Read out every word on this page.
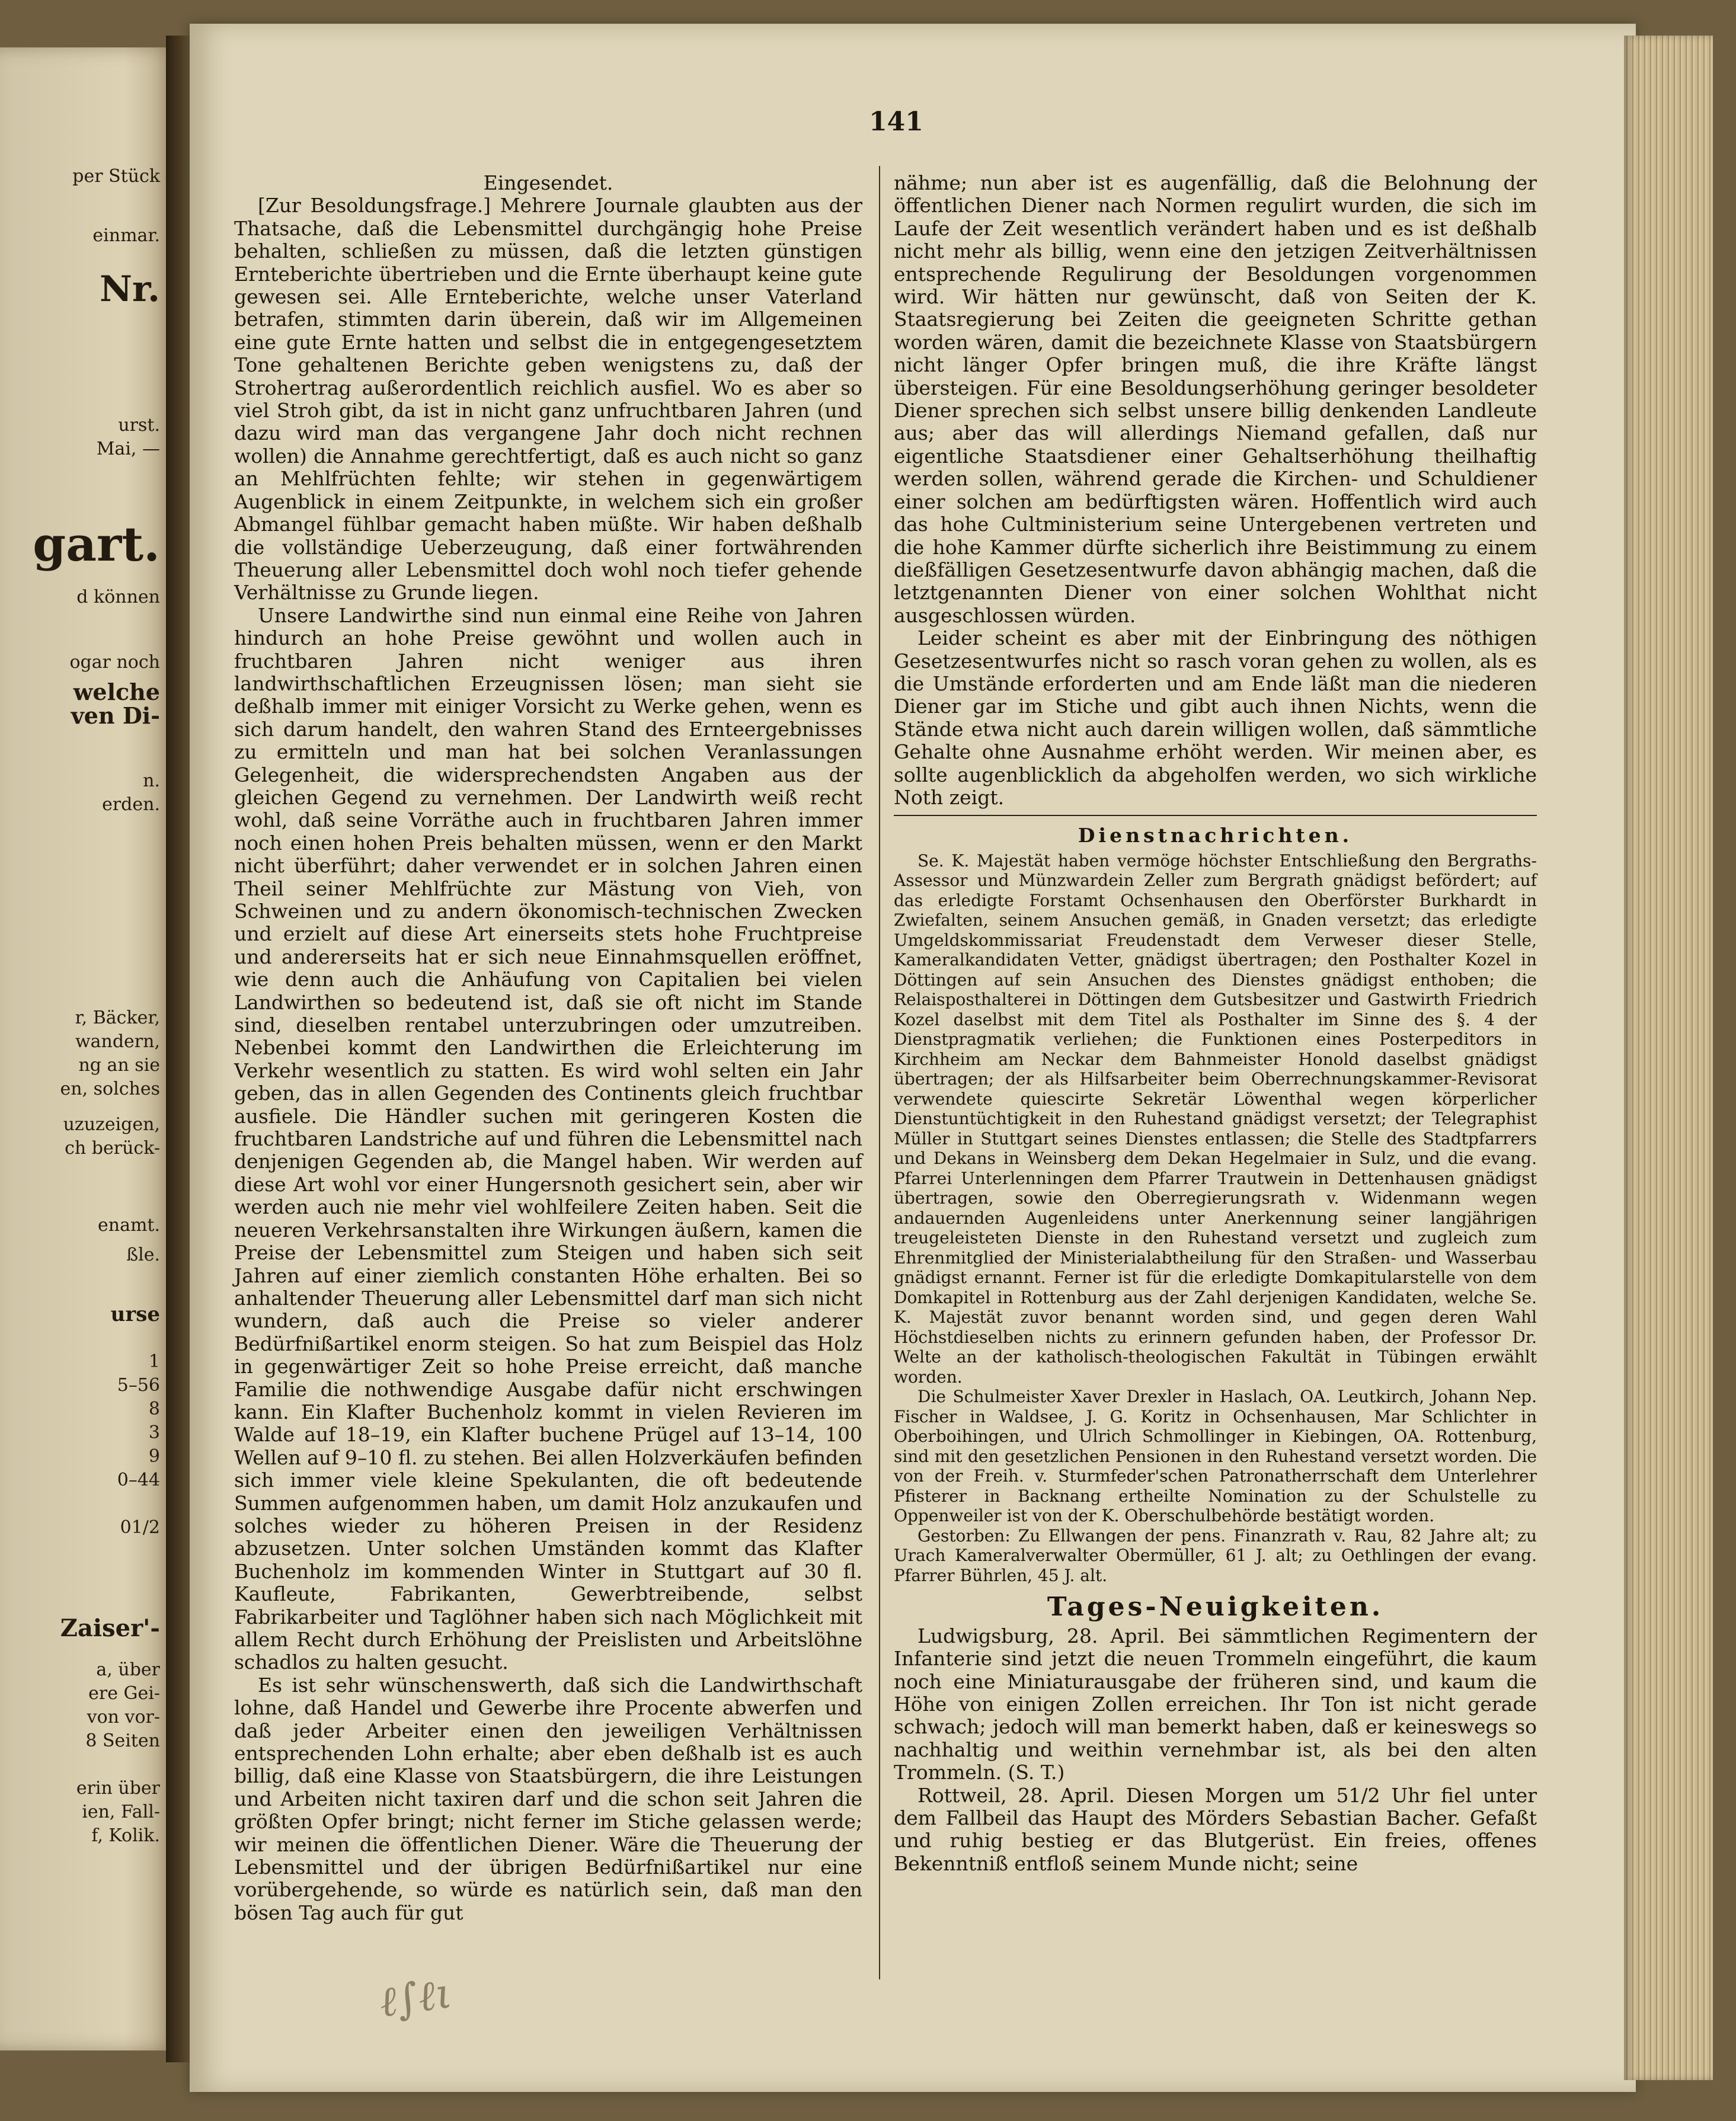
per Stück
einmar.
Nr.
urst.
Mai, —
gart.
d können
ogar noch
welche
ven Di-
n.
erden.
r, Bäcker,
wandern,
ng an sie
en, solches
uzuzeigen,
ch berück-
enamt.
ßle.
urse
1
5–56
8
3
9
0–44
01/2
Zaiser'-
a, über
ere Gei-
von vor-
8 Seiten
erin über
ien, Fall-
f, Kolik.
141

Eingesendet.

[Zur Besoldungsfrage.] Mehrere Journale glaubten aus der Thatsache, daß die Lebensmittel durchgängig hohe Preise behalten, schließen zu müssen, daß die letzten günstigen Ernteberichte übertrieben und die Ernte überhaupt keine gute gewesen sei. Alle Ernteberichte, welche unser Vaterland betrafen, stimmten darin überein, daß wir im Allgemeinen eine gute Ernte hatten und selbst die in entgegengesetztem Tone gehaltenen Berichte geben wenigstens zu, daß der Strohertrag außerordentlich reichlich ausfiel. Wo es aber so viel Stroh gibt, da ist in nicht ganz unfruchtbaren Jahren (und dazu wird man das vergangene Jahr doch nicht rechnen wollen) die Annahme gerechtfertigt, daß es auch nicht so ganz an Mehlfrüchten fehlte; wir stehen in gegenwärtigem Augenblick in einem Zeitpunkte, in welchem sich ein großer Abmangel fühlbar gemacht haben müßte. Wir haben deßhalb die vollständige Ueberzeugung, daß einer fortwährenden Theuerung aller Lebensmittel doch wohl noch tiefer gehende Verhältnisse zu Grunde liegen.

Unsere Landwirthe sind nun einmal eine Reihe von Jahren hindurch an hohe Preise gewöhnt und wollen auch in fruchtbaren Jahren nicht weniger aus ihren landwirthschaftlichen Erzeugnissen lösen; man sieht sie deßhalb immer mit einiger Vorsicht zu Werke gehen, wenn es sich darum handelt, den wahren Stand des Ernteergebnisses zu ermitteln und man hat bei solchen Veranlassungen Gelegenheit, die widersprechendsten Angaben aus der gleichen Gegend zu vernehmen. Der Landwirth weiß recht wohl, daß seine Vorräthe auch in fruchtbaren Jahren immer noch einen hohen Preis behalten müssen, wenn er den Markt nicht überführt; daher verwendet er in solchen Jahren einen Theil seiner Mehlfrüchte zur Mästung von Vieh, von Schweinen und zu andern ökonomisch-technischen Zwecken und erzielt auf diese Art einerseits stets hohe Fruchtpreise und andererseits hat er sich neue Einnahmsquellen eröffnet, wie denn auch die Anhäufung von Capitalien bei vielen Landwirthen so bedeutend ist, daß sie oft nicht im Stande sind, dieselben rentabel unterzubringen oder umzutreiben. Nebenbei kommt den Landwirthen die Erleichterung im Verkehr wesentlich zu statten. Es wird wohl selten ein Jahr geben, das in allen Gegenden des Continents gleich fruchtbar ausfiele. Die Händler suchen mit geringeren Kosten die fruchtbaren Landstriche auf und führen die Lebensmittel nach denjenigen Gegenden ab, die Mangel haben. Wir werden auf diese Art wohl vor einer Hungersnoth gesichert sein, aber wir werden auch nie mehr viel wohlfeilere Zeiten haben. Seit die neueren Verkehrsanstalten ihre Wirkungen äußern, kamen die Preise der Lebensmittel zum Steigen und haben sich seit Jahren auf einer ziemlich constanten Höhe erhalten. Bei so anhaltender Theuerung aller Lebensmittel darf man sich nicht wundern, daß auch die Preise so vieler anderer Bedürfnißartikel enorm steigen. So hat zum Beispiel das Holz in gegenwärtiger Zeit so hohe Preise erreicht, daß manche Familie die nothwendige Ausgabe dafür nicht erschwingen kann. Ein Klafter Buchenholz kommt in vielen Revieren im Walde auf 18–19, ein Klafter buchene Prügel auf 13–14, 100 Wellen auf 9–10 fl. zu stehen. Bei allen Holzverkäufen befinden sich immer viele kleine Spekulanten, die oft bedeutende Summen aufgenommen haben, um damit Holz anzukaufen und solches wieder zu höheren Preisen in der Residenz abzusetzen. Unter solchen Umständen kommt das Klafter Buchenholz im kommenden Winter in Stuttgart auf 30 fl. Kaufleute, Fabrikanten, Gewerbtreibende, selbst Fabrikarbeiter und Taglöhner haben sich nach Möglichkeit mit allem Recht durch Erhöhung der Preislisten und Arbeitslöhne schadlos zu halten gesucht.

Es ist sehr wünschenswerth, daß sich die Landwirthschaft lohne, daß Handel und Gewerbe ihre Procente abwerfen und daß jeder Arbeiter einen den jeweiligen Verhältnissen entsprechenden Lohn erhalte; aber eben deßhalb ist es auch billig, daß eine Klasse von Staatsbürgern, die ihre Leistungen und Arbeiten nicht taxiren darf und die schon seit Jahren die größten Opfer bringt; nicht ferner im Stiche gelassen werde; wir meinen die öffentlichen Diener. Wäre die Theuerung der Lebensmittel und der übrigen Bedürfnißartikel nur eine vorübergehende, so würde es natürlich sein, daß man den bösen Tag auch für gut

nähme; nun aber ist es augenfällig, daß die Belohnung der öffentlichen Diener nach Normen regulirt wurden, die sich im Laufe der Zeit wesentlich verändert haben und es ist deßhalb nicht mehr als billig, wenn eine den jetzigen Zeitverhältnissen entsprechende Regulirung der Besoldungen vorgenommen wird. Wir hätten nur gewünscht, daß von Seiten der K. Staatsregierung bei Zeiten die geeigneten Schritte gethan worden wären, damit die bezeichnete Klasse von Staatsbürgern nicht länger Opfer bringen muß, die ihre Kräfte längst übersteigen. Für eine Besoldungserhöhung geringer besoldeter Diener sprechen sich selbst unsere billig denkenden Landleute aus; aber das will allerdings Niemand gefallen, daß nur eigentliche Staatsdiener einer Gehaltserhöhung theilhaftig werden sollen, während gerade die Kirchen- und Schuldiener einer solchen am bedürftigsten wären. Hoffentlich wird auch das hohe Cultministerium seine Untergebenen vertreten und die hohe Kammer dürfte sicherlich ihre Beistimmung zu einem dießfälligen Gesetzesentwurfe davon abhängig machen, daß die letztgenannten Diener von einer solchen Wohlthat nicht ausgeschlossen würden.

Leider scheint es aber mit der Einbringung des nöthigen Gesetzesentwurfes nicht so rasch voran gehen zu wollen, als es die Umstände erforderten und am Ende läßt man die niederen Diener gar im Stiche und gibt auch ihnen Nichts, wenn die Stände etwa nicht auch darein willigen wollen, daß sämmtliche Gehalte ohne Ausnahme erhöht werden. Wir meinen aber, es sollte augenblicklich da abgeholfen werden, wo sich wirkliche Noth zeigt.

Dienstnachrichten.

Se. K. Majestät haben vermöge höchster Entschließung den Bergraths-Assessor und Münzwardein Zeller zum Bergrath gnädigst befördert; auf das erledigte Forstamt Ochsenhausen den Oberförster Burkhardt in Zwiefalten, seinem Ansuchen gemäß, in Gnaden versetzt; das erledigte Umgeldskommissariat Freudenstadt dem Verweser dieser Stelle, Kameralkandidaten Vetter, gnädigst übertragen; den Posthalter Kozel in Döttingen auf sein Ansuchen des Dienstes gnädigst enthoben; die Relaisposthalterei in Döttingen dem Gutsbesitzer und Gastwirth Friedrich Kozel daselbst mit dem Titel als Posthalter im Sinne des §. 4 der Dienstpragmatik verliehen; die Funktionen eines Posterpeditors in Kirchheim am Neckar dem Bahnmeister Honold daselbst gnädigst übertragen; der als Hilfsarbeiter beim Oberrechnungskammer-Revisorat verwendete quiescirte Sekretär Löwenthal wegen körperlicher Dienstuntüchtigkeit in den Ruhestand gnädigst versetzt; der Telegraphist Müller in Stuttgart seines Dienstes entlassen; die Stelle des Stadtpfarrers und Dekans in Weinsberg dem Dekan Hegelmaier in Sulz, und die evang. Pfarrei Unterlenningen dem Pfarrer Trautwein in Dettenhausen gnädigst übertragen, sowie den Oberregierungsrath v. Widenmann wegen andauernden Augenleidens unter Anerkennung seiner langjährigen treugeleisteten Dienste in den Ruhestand versetzt und zugleich zum Ehrenmitglied der Ministerialabtheilung für den Straßen- und Wasserbau gnädigst ernannt. Ferner ist für die erledigte Domkapitularstelle von dem Domkapitel in Rottenburg aus der Zahl derjenigen Kandidaten, welche Se. K. Majestät zuvor benannt worden sind, und gegen deren Wahl Höchstdieselben nichts zu erinnern gefunden haben, der Professor Dr. Welte an der katholisch-theologischen Fakultät in Tübingen erwählt worden.

Die Schulmeister Xaver Drexler in Haslach, OA. Leutkirch, Johann Nep. Fischer in Waldsee, J. G. Koritz in Ochsenhausen, Mar Schlichter in Oberboihingen, und Ulrich Schmollinger in Kiebingen, OA. Rottenburg, sind mit den gesetzlichen Pensionen in den Ruhestand versetzt worden. Die von der Freih. v. Sturmfeder'schen Patronatherrschaft dem Unterlehrer Pfisterer in Backnang ertheilte Nomination zu der Schulstelle zu Oppenweiler ist von der K. Oberschulbehörde bestätigt worden.

Gestorben: Zu Ellwangen der pens. Finanzrath v. Rau, 82 Jahre alt; zu Urach Kameralverwalter Obermüller, 61 J. alt; zu Oethlingen der evang. Pfarrer Bührlen, 45 J. alt.

Tages-Neuigkeiten.

Ludwigsburg, 28. April. Bei sämmtlichen Regimentern der Infanterie sind jetzt die neuen Trommeln eingeführt, die kaum noch eine Miniaturausgabe der früheren sind, und kaum die Höhe von einigen Zollen erreichen. Ihr Ton ist nicht gerade schwach; jedoch will man bemerkt haben, daß er keineswegs so nachhaltig und weithin vernehmbar ist, als bei den alten Trommeln. (S. T.)

Rottweil, 28. April. Diesen Morgen um 51/2 Uhr fiel unter dem Fallbeil das Haupt des Mörders Sebastian Bacher. Gefaßt und ruhig bestieg er das Blutgerüst. Ein freies, offenes Bekenntniß entfloß seinem Munde nicht; seine

ℓ∫ℓι
